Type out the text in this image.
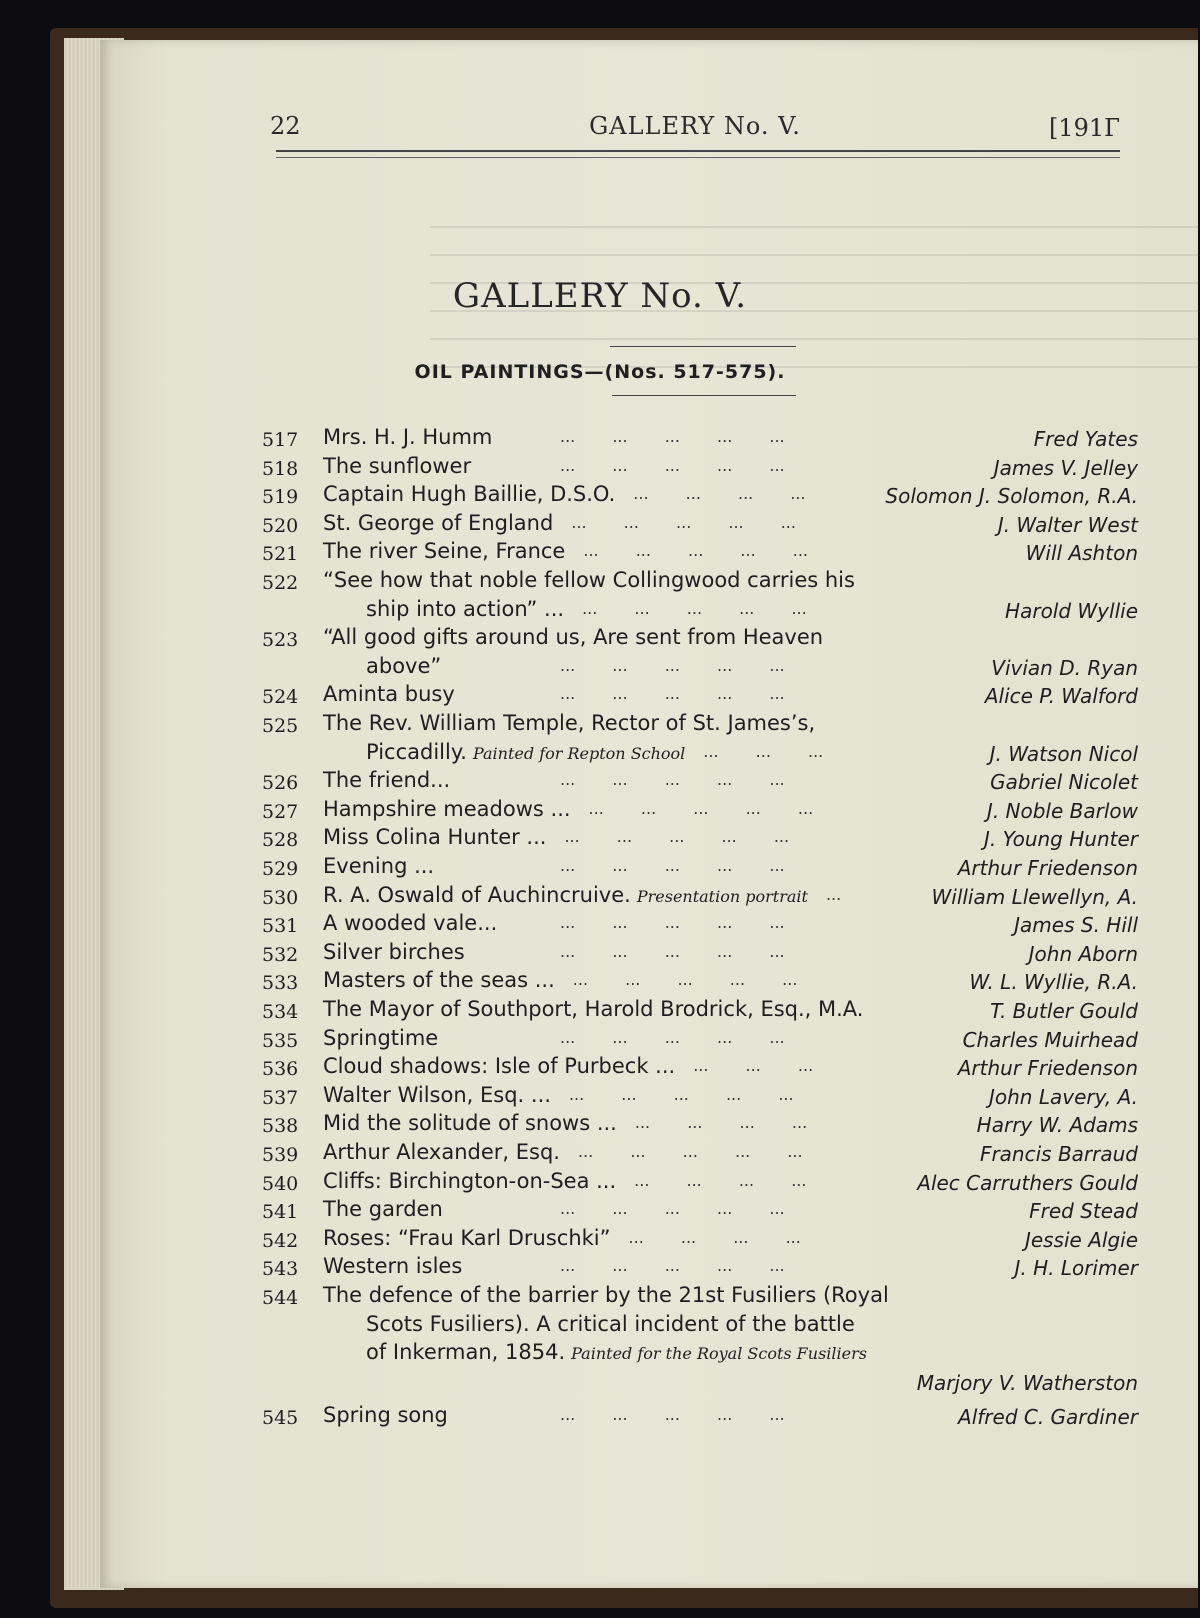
22	GALLERY No. V.	[191Г
GALLERY No. V.
OIL PAINTINGS—(Nos. 517-575).
517 Mrs. H. J. Humm	...   ...   ...   ...   ...	Fred Yates
518 The sunflower	...   ...   ...   ...   ...	James V. Jelley
519 Captain Hugh Baillie, D.S.O. ...   ...   ...   ...	Solomon J. Solomon, R.A.
520 St. George of England ...   ...   ...   ...   ...	J. Walter West
521 The river Seine, France ...   ...   ...   ...   ...	Will Ashton
522 “See how that noble fellow Collingwood carries his
ship into action” ... ...   ...   ...   ...   ...	Harold Wyllie
523 “All good gifts around us, Are sent from Heaven
above”	...   ...   ...   ...   ...	Vivian D. Ryan
524 Aminta busy	...   ...   ...   ...   ...	Alice P. Walford
525 The Rev. William Temple, Rector of St. James’s,
Piccadilly. Painted for Repton School ...   ...   ...	J. Watson Nicol
526 The friend...	...   ...   ...   ...   ...	Gabriel Nicolet
527 Hampshire meadows ... ...   ...   ...   ...   ...	J. Noble Barlow
528 Miss Colina Hunter ... ...   ...   ...   ...   ...	J. Young Hunter
529 Evening ...	...   ...   ...   ...   ...	Arthur Friedenson
530 R. A. Oswald of Auchincruive. Presentation portrait ...	William Llewellyn, A.
531 A wooded vale...	...   ...   ...   ...   ...	James S. Hill
532 Silver birches	...   ...   ...   ...   ...	John Aborn
533 Masters of the seas ... ...   ...   ...   ...   ...	W. L. Wyllie, R.A.
534 The Mayor of Southport, Harold Brodrick, Esq., M.A.	T. Butler Gould
535 Springtime	...   ...   ...   ...   ...	Charles Muirhead
536 Cloud shadows: Isle of Purbeck ... ...   ...   ...	Arthur Friedenson
537 Walter Wilson, Esq. ... ...   ...   ...   ...   ...	John Lavery, A.
538 Mid the solitude of snows ... ...   ...   ...   ...	Harry W. Adams
539 Arthur Alexander, Esq. ...   ...   ...   ...   ...	Francis Barraud
540 Cliffs: Birchington-on-Sea ... ...   ...   ...   ...	Alec Carruthers Gould
541 The garden	...   ...   ...   ...   ...	Fred Stead
542 Roses: “Frau Karl Druschki” ...   ...   ...   ...	Jessie Algie
543 Western isles	...   ...   ...   ...   ...	J. H. Lorimer
544 The defence of the barrier by the 21st Fusiliers (Royal
Scots Fusiliers). A critical incident of the battle
of Inkerman, 1854. Painted for the Royal Scots Fusiliers
Marjory V. Watherston
545 Spring song	...   ...   ...   ...   ...	Alfred C. Gardiner
